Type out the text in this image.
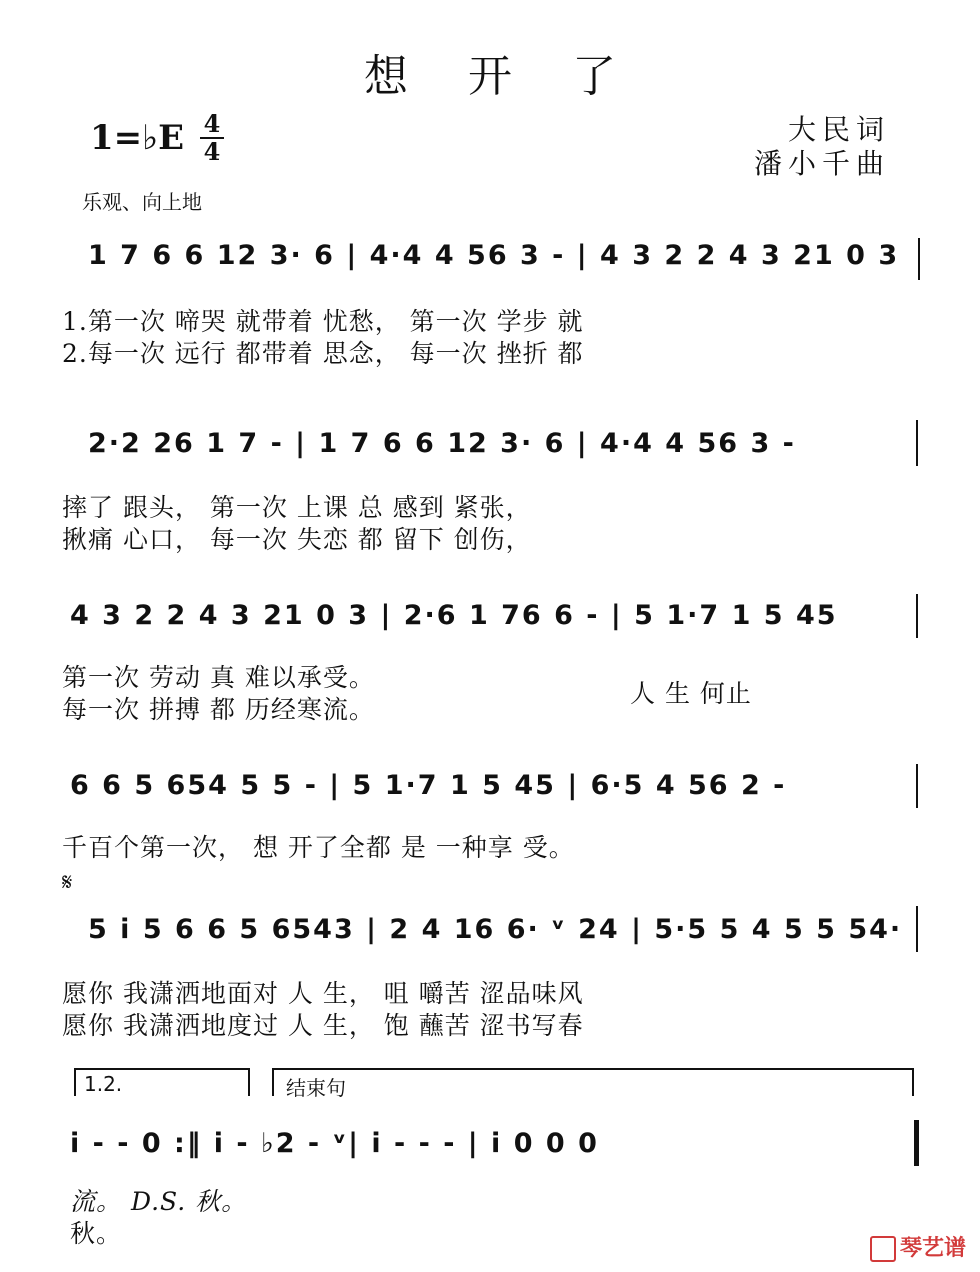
想开了
1=♭E 4
4
大民词
潘小千曲
乐观、向上地
1 7 6 6 12 3· 6 | 4·4 4 56 3 - | 4 3 2 2 4 3 21 0 3
1.第一次 啼哭 就带着 忧愁， 第一次 学步 就
2.每一次 远行 都带着 思念， 每一次 挫折 都
2·2 26 1 7 - | 1 7 6 6 12 3· 6 | 4·4 4 56 3 -
摔了 跟头， 第一次 上课 总 感到 紧张，
揪痛 心口， 每一次 失恋 都 留下 创伤，
4 3 2 2 4 3 21 0 3 | 2·6 1 76 6 - | 5 1·7 1 5 45
第一次 劳动 真 难以承受。
每一次 拼搏 都 历经寒流。
人 生 何止
6 6 5 654 5 5 - | 5 1·7 1 5 45 | 6·5 4 56 2 -
千百个第一次， 想 开了全都 是 一种享 受。
𝄋
5 i 5 6 6 5 6543 | 2 4 16 6· ᵛ 24 | 5·5 5 4 5 5 54·
愿你 我潇洒地面对 人 生， 咀 嚼苦 涩品味风
愿你 我潇洒地度过 人 生， 饱 蘸苦 涩书写春
1.2.	结束句
i - - 0 :‖ i - ♭2 - ᵛ| i - - - | i 0 0 0
流。 D.S. 秋。
秋。
琴艺谱
